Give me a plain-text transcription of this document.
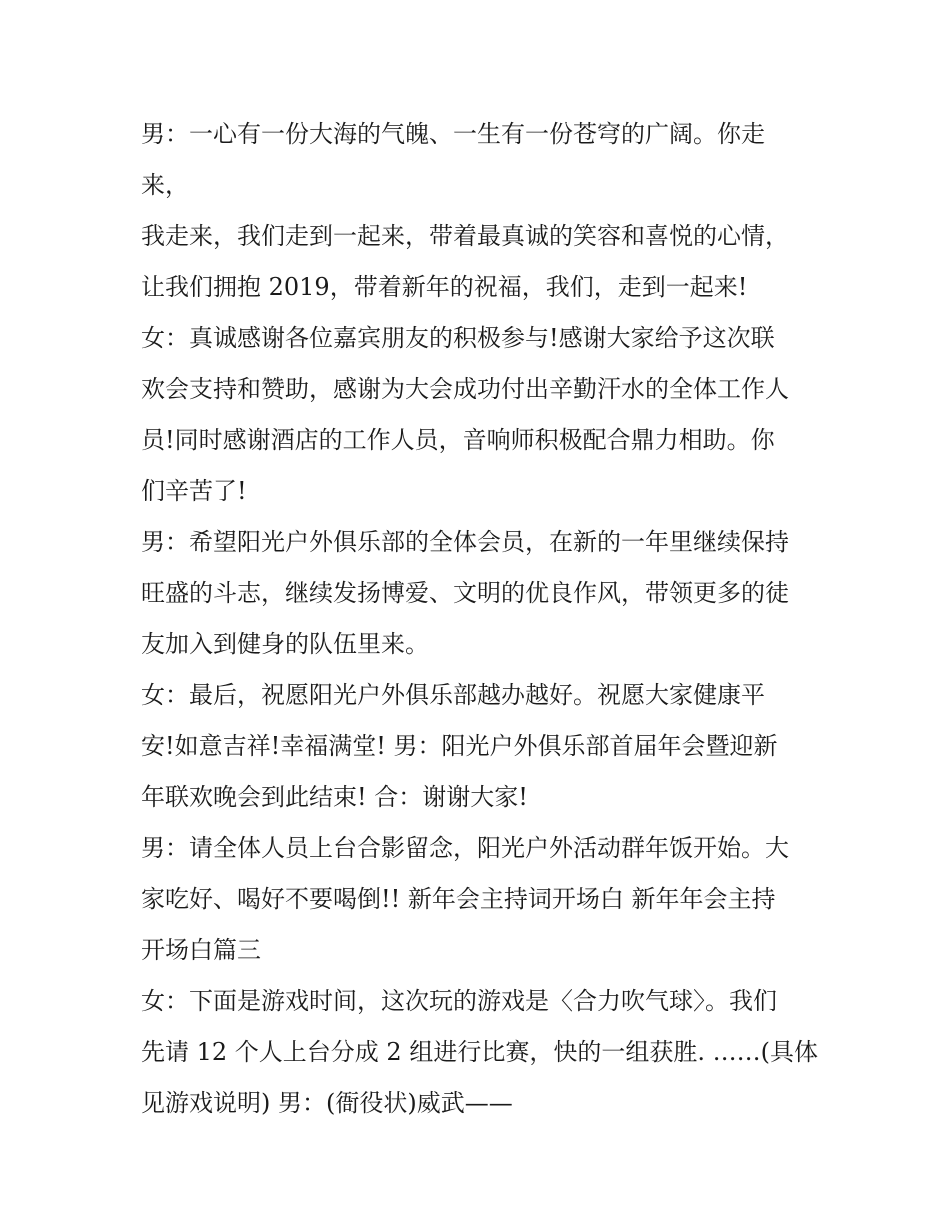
男：一心有一份大海的气魄、一生有一份苍穹的广阔。你走
来，
我走来，我们走到一起来，带着最真诚的笑容和喜悦的心情，
让我们拥抱 2019，带着新年的祝福，我们，走到一起来!
女：真诚感谢各位嘉宾朋友的积极参与!感谢大家给予这次联
欢会支持和赞助，感谢为大会成功付出辛勤汗水的全体工作人
员!同时感谢酒店的工作人员，音响师积极配合鼎力相助。你
们辛苦了!
男：希望阳光户外俱乐部的全体会员，在新的一年里继续保持
旺盛的斗志，继续发扬博爱、文明的优良作风，带领更多的徒
友加入到健身的队伍里来。
女：最后，祝愿阳光户外俱乐部越办越好。祝愿大家健康平
安!如意吉祥!幸福满堂! 男：阳光户外俱乐部首届年会暨迎新
年联欢晚会到此结束! 合：谢谢大家!
男：请全体人员上台合影留念，阳光户外活动群年饭开始。大
家吃好、喝好不要喝倒!! 新年会主持词开场白 新年年会主持
开场白篇三
女：下面是游戏时间，这次玩的游戏是〈合力吹气球〉。我们
先请 12 个人上台分成 2 组进行比赛，快的一组获胜. ……(具体
见游戏说明) 男：(衙役状)威武——
